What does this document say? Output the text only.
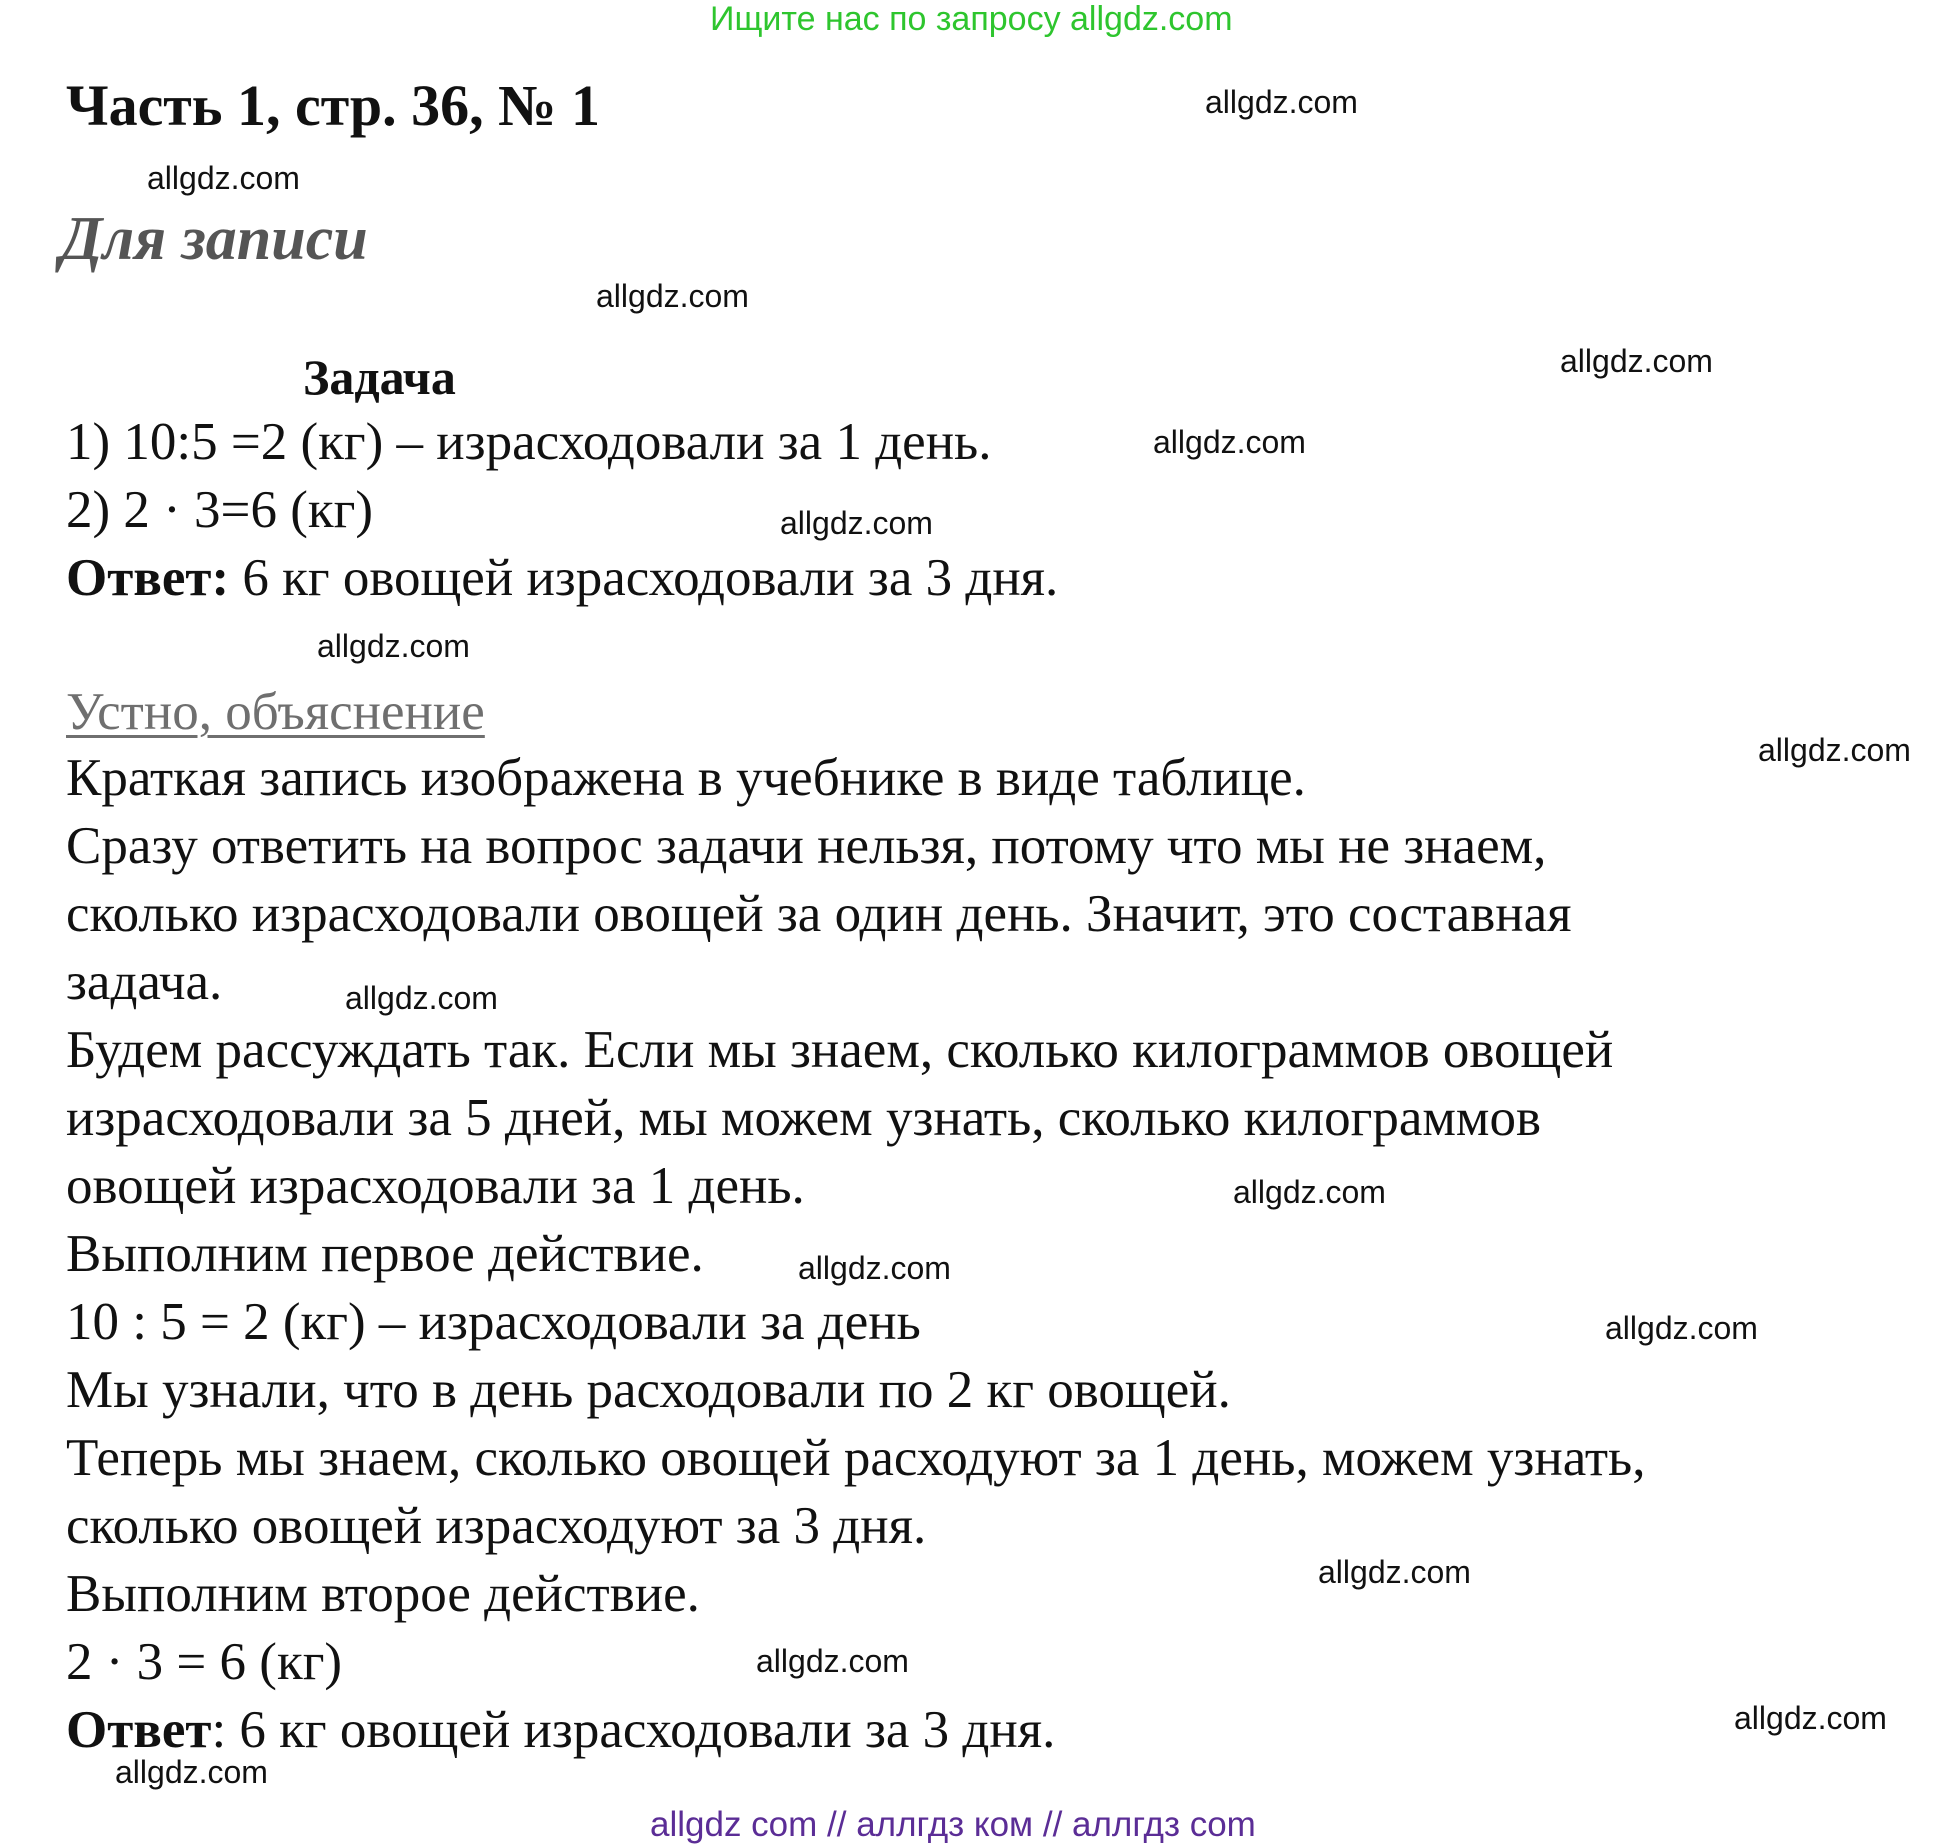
Ищите нас по запросу allgdz.com
Часть 1, стр. 36, № 1
Для записи
Задача
1) 10:5 =2 (кг) – израсходовали за 1 день.
2) 2 · 3=6 (кг)
Ответ: 6 кг овощей израсходовали за 3 дня.
Устно, объяснение
Краткая запись изображена в учебнике в виде таблице.
Сразу ответить на вопрос задачи нельзя, потому что мы не знаем,
сколько израсходовали овощей за один день. Значит, это составная
задача.
Будем рассуждать так. Если мы знаем, сколько килограммов овощей
израсходовали за 5 дней, мы можем узнать, сколько килограммов
овощей израсходовали за 1 день.
Выполним первое действие.
10 : 5 = 2 (кг) – израсходовали за день
Мы узнали, что в день расходовали по 2 кг овощей.
Теперь мы знаем, сколько овощей расходуют за 1 день, можем узнать,
сколько овощей израсходуют за 3 дня.
Выполним второе действие.
2 · 3 = 6 (кг)
Ответ: 6 кг овощей израсходовали за 3 дня.
allgdz.com
allgdz.com
allgdz.com
allgdz.com
allgdz.com
allgdz.com
allgdz.com
allgdz.com
allgdz.com
allgdz.com
allgdz.com
allgdz.com
allgdz.com
allgdz.com
allgdz.com
allgdz.com
allgdz com // аллгдз ком // аллгдз com
